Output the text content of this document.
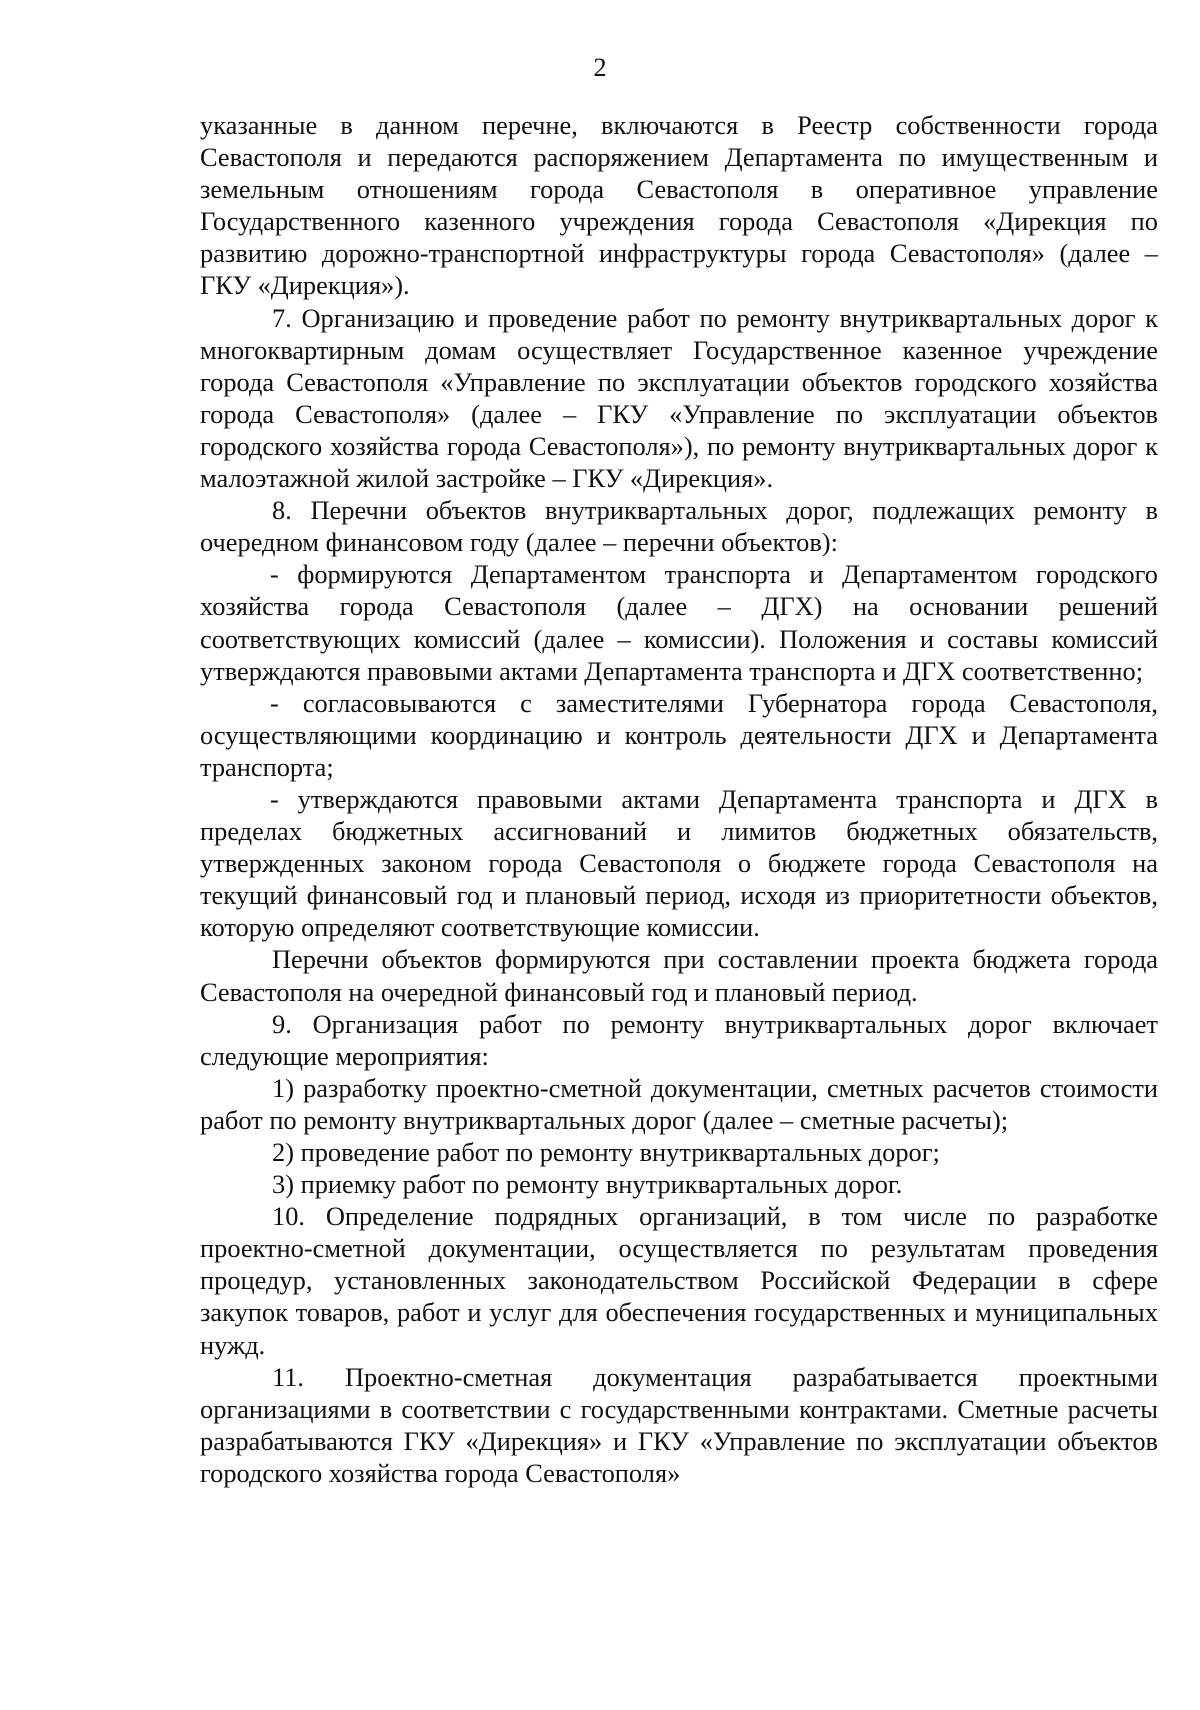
2

указанные в данном перечне, включаются в Реестр собственности города Севастополя и передаются распоряжением Департамента по имущественным и земельным отношениям города Севастополя в оперативное управление Государственного казенного учреждения города Севастополя «Дирекция по развитию дорожно-транспортной инфраструктуры города Севастополя» (далее – ГКУ «Дирекция»).

7. Организацию и проведение работ по ремонту внутриквартальных дорог к многоквартирным домам осуществляет Государственное казенное учреждение города Севастополя «Управление по эксплуатации объектов городского хозяйства города Севастополя» (далее – ГКУ «Управление по эксплуатации объектов городского хозяйства города Севастополя»), по ремонту внутриквартальных дорог к малоэтажной жилой застройке – ГКУ «Дирекция».

8. Перечни объектов внутриквартальных дорог, подлежащих ремонту в очередном финансовом году (далее – перечни объектов):

- формируются Департаментом транспорта и Департаментом городского хозяйства города Севастополя (далее – ДГХ) на основании решений соответствующих комиссий (далее – комиссии). Положения и составы комиссий утверждаются правовыми актами Департамента транспорта и ДГХ соответственно;

- согласовываются с заместителями Губернатора города Севастополя, осуществляющими координацию и контроль деятельности ДГХ и Департамента транспорта;

- утверждаются правовыми актами Департамента транспорта и ДГХ в пределах бюджетных ассигнований и лимитов бюджетных обязательств, утвержденных законом города Севастополя о бюджете города Севастополя на текущий финансовый год и плановый период, исходя из приоритетности объектов, которую определяют соответствующие комиссии.

Перечни объектов формируются при составлении проекта бюджета города Севастополя на очередной финансовый год и плановый период.

9. Организация работ по ремонту внутриквартальных дорог включает следующие мероприятия:

1) разработку проектно-сметной документации, сметных расчетов стоимости работ по ремонту внутриквартальных дорог (далее – сметные расчеты);

2) проведение работ по ремонту внутриквартальных дорог;

3) приемку работ по ремонту внутриквартальных дорог.

10. Определение подрядных организаций, в том числе по разработке проектно-сметной документации, осуществляется по результатам проведения процедур, установленных законодательством Российской Федерации в сфере закупок товаров, работ и услуг для обеспечения государственных и муниципальных нужд.

11. Проектно-сметная документация разрабатывается проектными организациями в соответствии с государственными контрактами. Сметные расчеты разрабатываются ГКУ «Дирекция» и ГКУ «Управление по эксплуатации объектов городского хозяйства города Севастополя»
